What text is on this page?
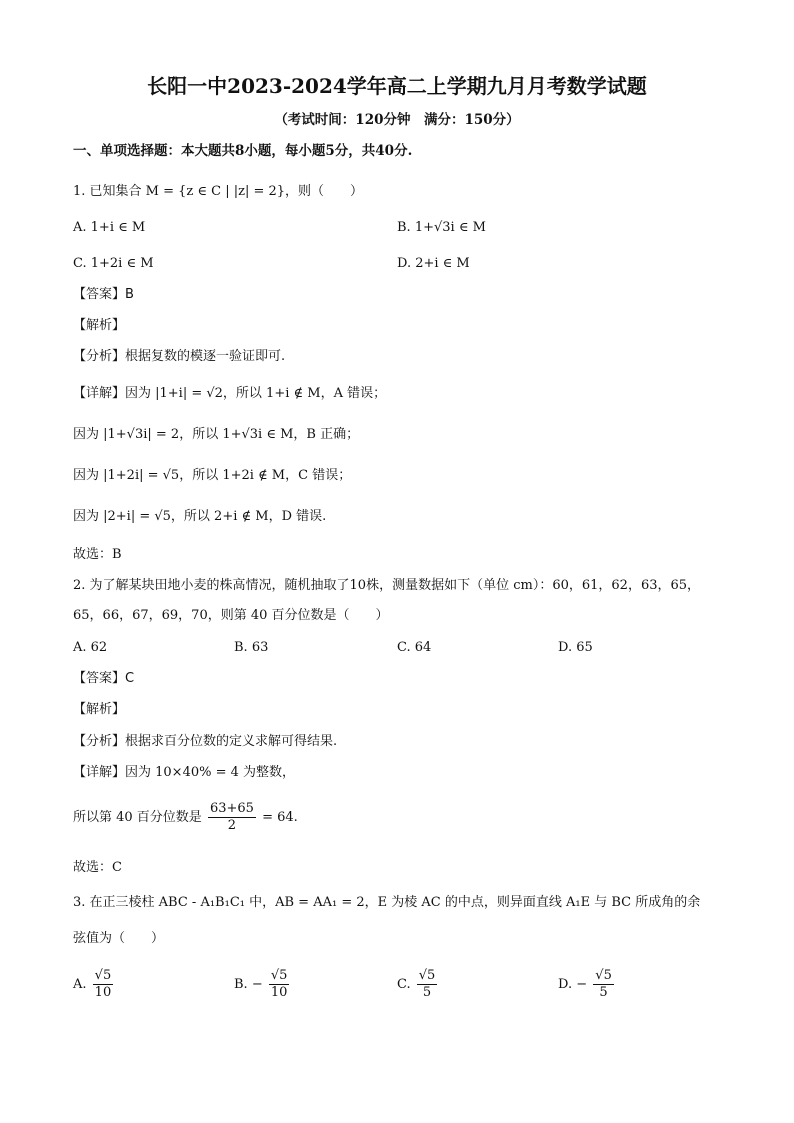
长阳一中2023-2024学年高二上学期九月月考数学试题
（考试时间：120分钟　满分：150分）
一、单项选择题：本大题共8小题，每小题5分，共40分.
1. 已知集合 M = {z ∈ C | |z| = 2}，则（　　）
A. 1+i ∈ M	B. 1+√3i ∈ M
C. 1+2i ∈ M	D. 2+i ∈ M
【答案】B
【解析】
【分析】根据复数的模逐一验证即可.
【详解】因为 |1+i| = √2，所以 1+i ∉ M，A 错误；
因为 |1+√3i| = 2，所以 1+√3i ∈ M，B 正确；
因为 |1+2i| = √5，所以 1+2i ∉ M，C 错误；
因为 |2+i| = √5，所以 2+i ∉ M，D 错误.
故选：B
2. 为了解某块田地小麦的株高情况，随机抽取了10株，测量数据如下（单位 cm）：60，61，62，63，65，
65，66，67，69，70，则第 40 百分位数是（　　）
A. 62	B. 63	C. 64	D. 65
【答案】C
【解析】
【分析】根据求百分位数的定义求解可得结果.
【详解】因为 10×40% = 4 为整数，
所以第 40 百分位数是 $\frac{63+65}{2} = 64$.
故选：C
3. 在正三棱柱 ABC - A₁B₁C₁ 中，AB = AA₁ = 2，E 为棱 AC 的中点，则异面直线 A₁E 与 BC 所成角的余
弦值为（　　）
A. $\frac{√5}{10}$	B. − $\frac{√5}{10}$	C. $\frac{√5}{5}$	D. − $\frac{√5}{5}$
